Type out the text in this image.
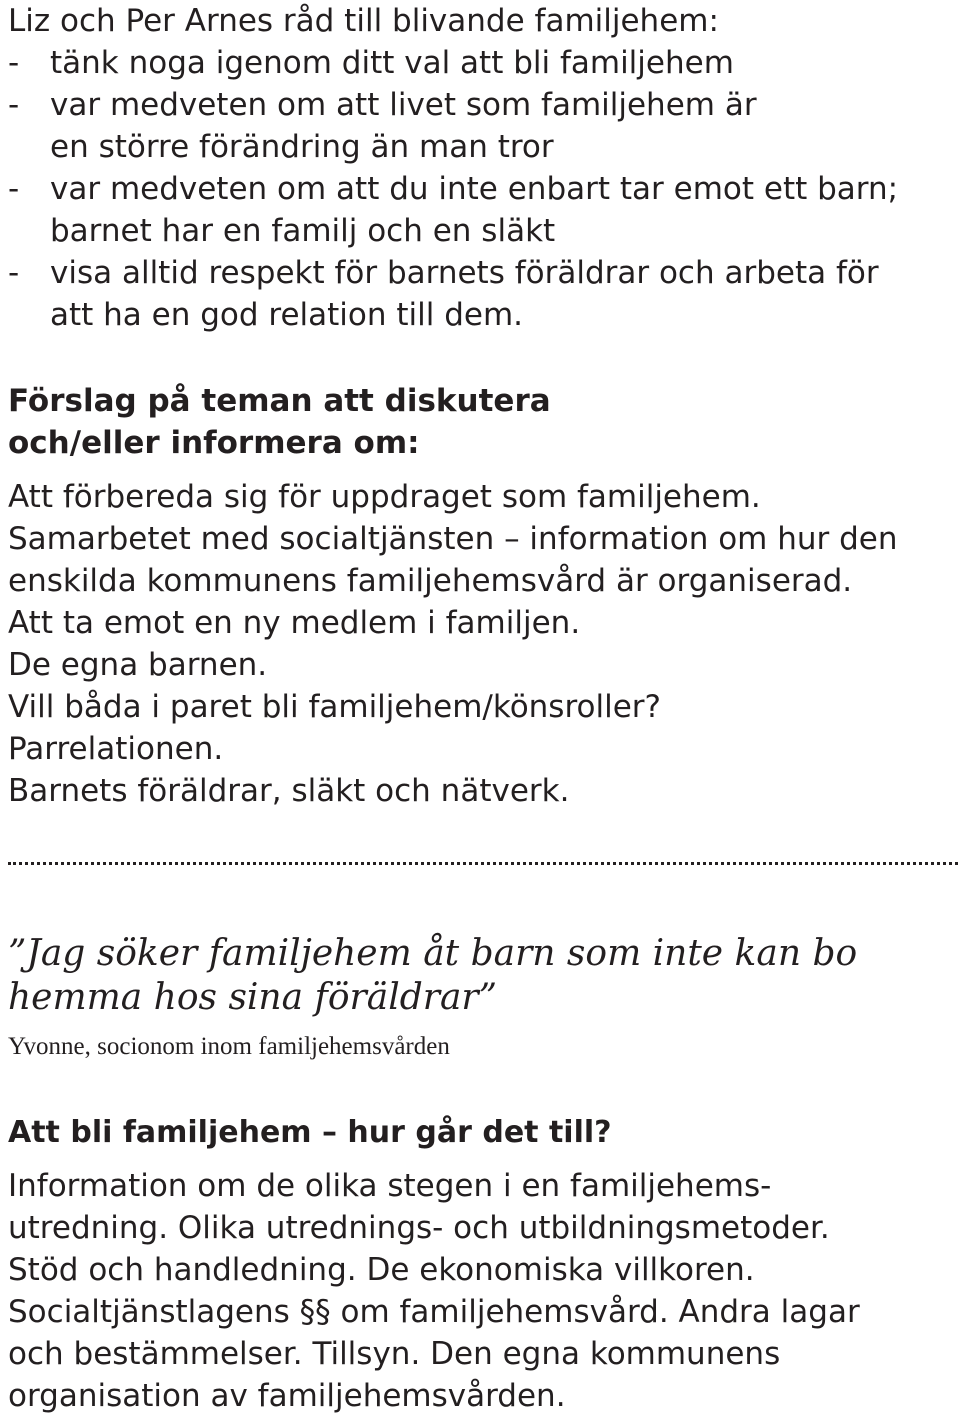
Liz och Per Arnes råd till blivande familjehem:

- tänk noga igenom ditt val att bli familjehem
- var medveten om att livet som familjehem är
en större förändring än man tror
- var medveten om att du inte enbart tar emot ett barn;
barnet har en familj och en släkt
- visa alltid respekt för barnets föräldrar och arbeta för
att ha en god relation till dem.
Förslag på teman att diskutera
och/eller informera om:
Att förbereda sig för uppdraget som familjehem.
Samarbetet med socialtjänsten – information om hur den
enskilda kommunens familjehemsvård är organiserad.
Att ta emot en ny medlem i familjen.
De egna barnen.
Vill båda i paret bli familjehem/könsroller?
Parrelationen.
Barnets föräldrar, släkt och nätverk.
”Jag söker familjehem åt barn som inte kan bo
hemma hos sina föräldrar”

Yvonne, socionom inom familjehemsvården

Att bli familjehem – hur går det till?

Information om de olika stegen i en familjehems-
utredning. Olika utrednings- och utbildningsmetoder.
Stöd och handledning. De ekonomiska villkoren.
Socialtjänstlagens §§ om familjehemsvård. Andra lagar
och bestämmelser. Tillsyn. Den egna kommunens
organisation av familjehemsvården.
